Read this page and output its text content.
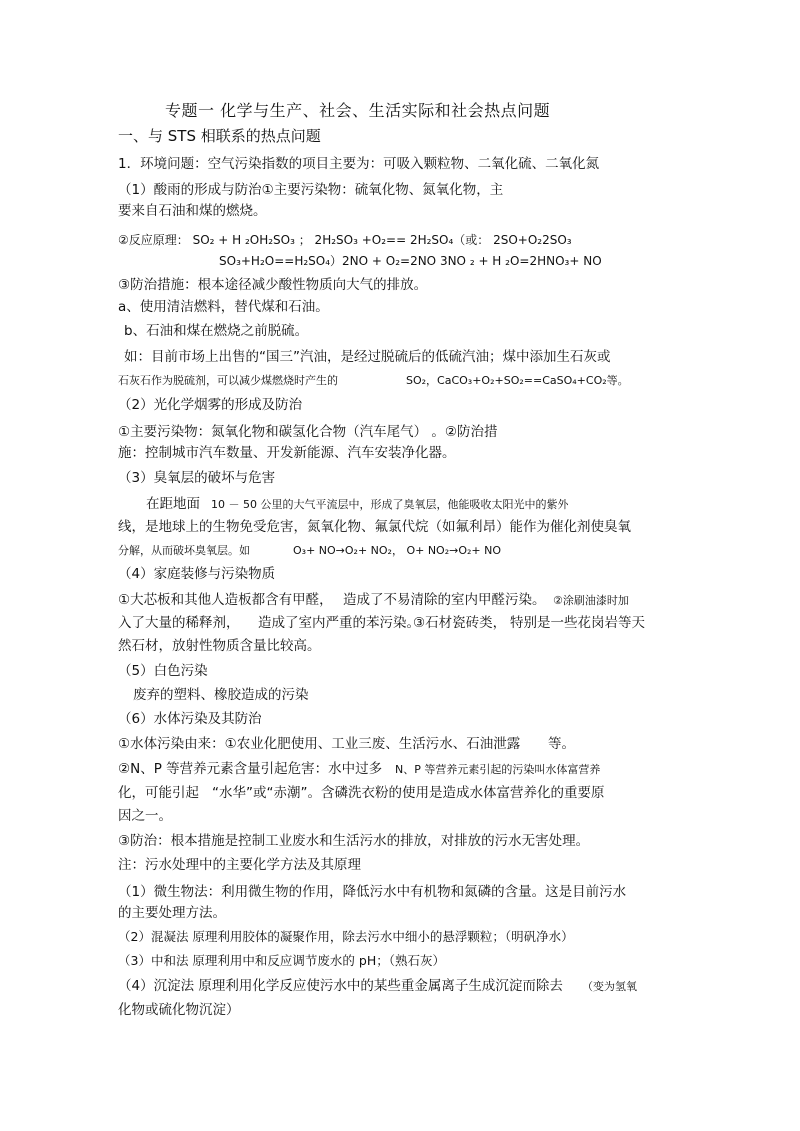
专题一 化学与生产、社会、生活实际和社会热点问题
一、与 STS 相联系的热点问题
1．环境问题：空气污染指数的项目主要为：可吸入颗粒物、二氧化硫、二氧化氮
（1）酸雨的形成与防治①主要污染物：硫氧化物、氮氧化物，主
要来自石油和煤的燃烧。
②反应原理： SO₂ + H ₂OH₂SO₃ ； 2H₂SO₃ +O₂== 2H₂SO₄（或： 2SO+O₂2SO₃
SO₃+H₂O==H₂SO₄）2NO + O₂=2NO 3NO ₂ + H ₂O=2HNO₃+ NO
③防治措施：根本途径减少酸性物质向大气的排放。
a、使用清洁燃料，替代煤和石油。
b、石油和煤在燃烧之前脱硫。
如：目前市场上出售的“国三”汽油，是经过脱硫后的低硫汽油；煤中添加生石灰或
石灰石作为脱硫剂，可以减少煤燃烧时产生的	SO₂，CaCO₃+O₂+SO₂==CaSO₄+CO₂等。
（2）光化学烟雾的形成及防治
①主要污染物：氮氧化物和碳氢化合物（汽车尾气） 。②防治措
施：控制城市汽车数量、开发新能源、汽车安装净化器。
（3）臭氧层的破坏与危害
在距地面 10 － 50 公里的大气平流层中，形成了臭氧层，他能吸收太阳光中的紫外
线，是地球上的生物免受危害，氮氧化物、氟氯代烷（如氟利昂）能作为催化剂使臭氧
分解，从而破坏臭氧层。如	O₃+ NO→O₂+ NO₂， O+ NO₂→O₂+ NO
（4）家庭装修与污染物质
①大芯板和其他人造板都含有甲醛， 造成了不易清除的室内甲醛污染。 ②涂刷油漆时加
入了大量的稀释剂， 造成了室内严重的苯污染。
③石材瓷砖类， 特别是一些花岗岩等天
然石材，放射性物质含量比较高。
（5）白色污染
废弃的塑料、橡胶造成的污染
（6）水体污染及其防治
①水体污染由来：①农业化肥使用、工业三废、生活污水、石油泄露 等。
②N、P 等营养元素含量引起危害：水中过多 N、P 等营养元素引起的污染叫水体富营养
化，可能引起 “水华”或“赤潮”。含磷洗衣粉的使用是造成水体富营养化的重要原
因之一。
③防治：根本措施是控制工业废水和生活污水的排放，对排放的污水无害处理。
注：污水处理中的主要化学方法及其原理
（1）微生物法：利用微生物的作用，降低污水中有机物和氮磷的含量。这是目前污水
的主要处理方法。
（2）混凝法 原理利用胶体的凝聚作用，除去污水中细小的悬浮颗粒；（明矾净水）
（3）中和法 原理利用中和反应调节废水的 pH；（熟石灰）
（4）沉淀法 原理利用化学反应使污水中的某些重金属离子生成沉淀而除去 （变为氢氧
化物或硫化物沉淀）
